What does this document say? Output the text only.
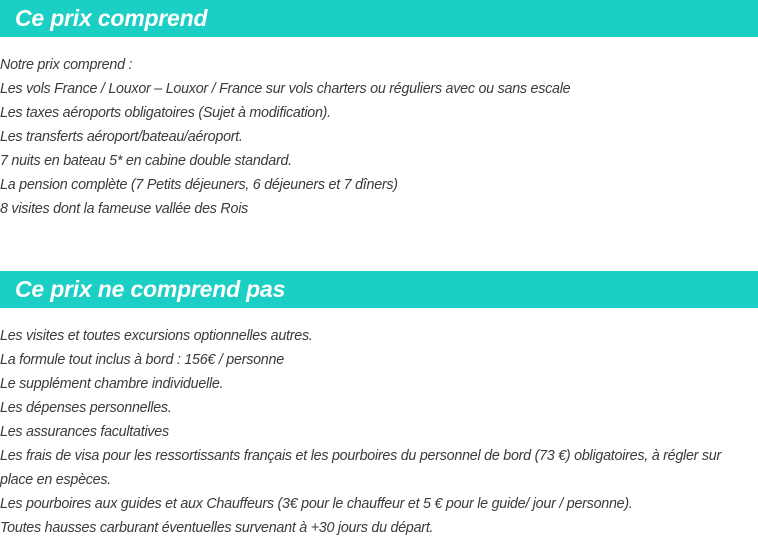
Ce prix comprend
Notre prix comprend :
Les vols France / Louxor – Louxor / France sur vols charters ou réguliers avec ou sans escale
Les taxes aéroports obligatoires (Sujet à modification).
Les transferts aéroport/bateau/aéroport.
7 nuits en bateau 5* en cabine double standard.
La pension complète (7 Petits déjeuners, 6 déjeuners et 7 dîners)
8 visites dont la fameuse vallée des Rois
Ce prix ne comprend pas
Les visites et toutes excursions optionnelles autres.
La formule tout inclus à bord : 156€ / personne
Le supplément chambre individuelle.
Les dépenses personnelles.
Les assurances facultatives
Les frais de visa pour les ressortissants français et les pourboires du personnel de bord (73 €) obligatoires, à régler sur place en espèces.
Les pourboires aux guides et aux Chauffeurs (3€ pour le chauffeur et 5 € pour le guide/ jour / personne).
Toutes hausses carburant éventuelles survenant à +30 jours du départ.
